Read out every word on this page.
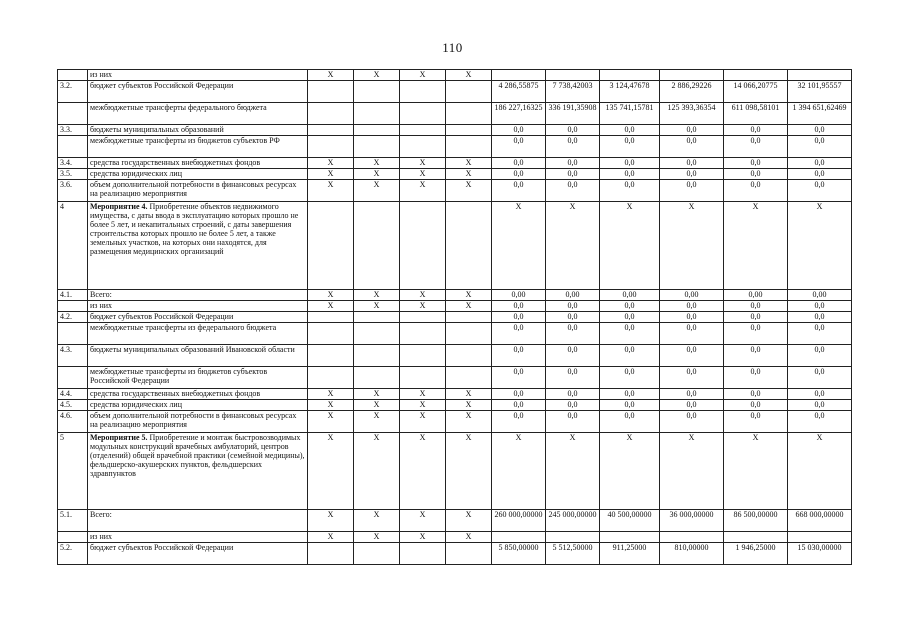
110
	из них	X	X	X	X						
3.2.	бюджет субъектов Российской Федерации					4 286,55875	7 738,42003	3 124,47678	2 886,29226	14 066,20775	32 101,95557
	межбюджетные трансферты федерального бюджета					186 227,16325	336 191,35908	135 741,15781	125 393,36354	611 098,58101	1 394 651,62469
3.3.	бюджеты муниципальных образований					0,0	0,0	0,0	0,0	0,0	0,0
	межбюджетные трансферты из бюджетов субъектов РФ					0,0	0,0	0,0	0,0	0,0	0,0
3.4.	средства государственных внебюджетных фондов	X	X	X	X	0,0	0,0	0,0	0,0	0,0	0,0
3.5.	средства юридических лиц	X	X	X	X	0,0	0,0	0,0	0,0	0,0	0,0
3.6.	объем дополнительной потребности в финансовых ресурсах на реализацию мероприятия	X	X	X	X	0,0	0,0	0,0	0,0	0,0	0,0
4	Мероприятие 4. Приобретение объектов недвижимого имущества, с даты ввода в эксплуатацию которых прошло не более 5 лет, и некапитальных строений, с даты завершения строительства которых прошло не более 5 лет, а также земельных участков, на которых они находятся, для размещения медицинских организаций					X	X	X	X	X	X
4.1.	Всего:	X	X	X	X	0,00	0,00	0,00	0,00	0,00	0,00
	из них	X	X	X	X	0,0	0,0	0,0	0,0	0,0	0,0
4.2.	бюджет субъектов Российской Федерации					0,0	0,0	0,0	0,0	0,0	0,0
	межбюджетные трансферты из федерального бюджета					0,0	0,0	0,0	0,0	0,0	0,0
4.3.	бюджеты муниципальных образований Ивановской области					0,0	0,0	0,0	0,0	0,0	0,0
	межбюджетные трансферты из бюджетов субъектов Российской Федерации					0,0	0,0	0,0	0,0	0,0	0,0
4.4.	средства государственных внебюджетных фондов	X	X	X	X	0,0	0,0	0,0	0,0	0,0	0,0
4.5.	средства юридических лиц	X	X	X	X	0,0	0,0	0,0	0,0	0,0	0,0
4.6.	объем дополнительной потребности в финансовых ресурсах на реализацию мероприятия	X	X	X	X	0,0	0,0	0,0	0,0	0,0	0,0
5	Мероприятие 5. Приобретение и монтаж быстровозводимых модульных конструкций врачебных амбулаторий, центров (отделений) общей врачебной практики (семейной медицины), фельдшерско-акушерских пунктов, фельдшерских здравпунктов	X	X	X	X	X	X	X	X	X	X
5.1.	Всего:	X	X	X	X	260 000,00000	245 000,00000	40 500,00000	36 000,00000	86 500,00000	668 000,00000
	из них	X	X	X	X						
5.2.	бюджет субъектов Российской Федерации					5 850,00000	5 512,50000	911,25000	810,00000	1 946,25000	15 030,00000
